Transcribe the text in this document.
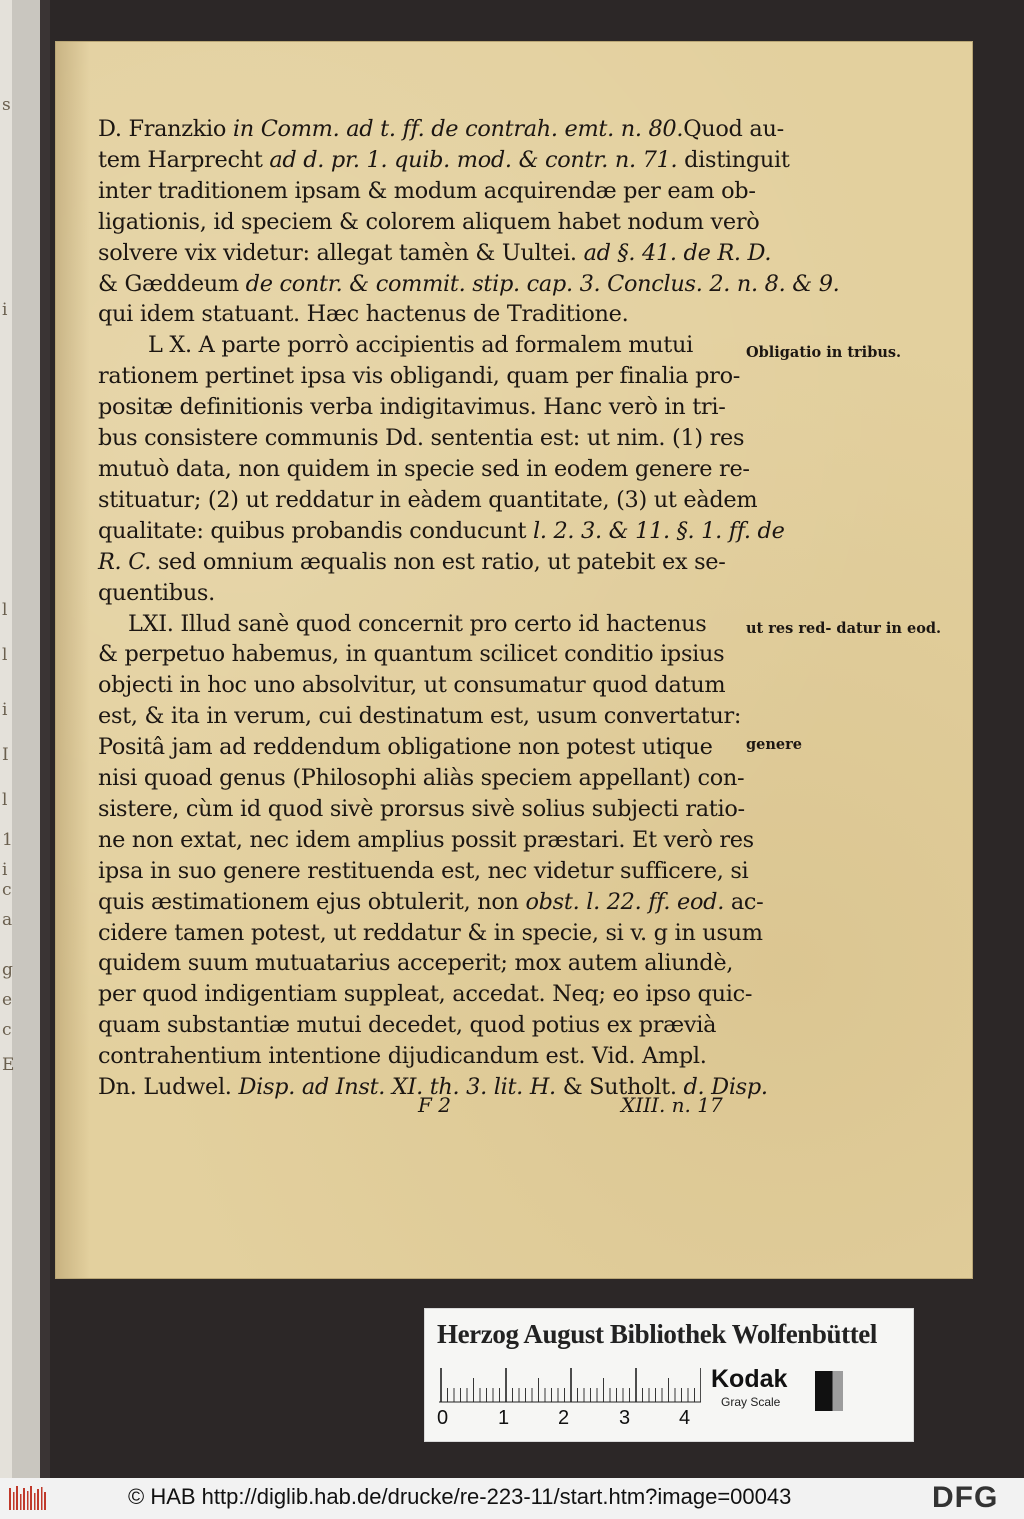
s
i
l
l
i
I
l
1
i
c
a
g
e
c
E
D. Franzkio in Comm. ad t. ff. de contrah. emt. n. 80.Quod au-
tem Harprecht ad d. pr. 1. quib. mod. & contr. n. 71. distinguit
inter traditionem ipsam & modum acquirendæ per eam ob-
ligationis, id speciem & colorem aliquem habet nodum verò
solvere vix videtur: allegat tamèn & Uultei. ad §. 41. de R. D.
& Gæddeum de contr. & commit. stip. cap. 3. Conclus. 2. n. 8. & 9.
qui idem statuant. Hæc hactenus de Traditione.
L X. A parte porrò accipientis ad formalem mutui
rationem pertinet ipsa vis obligandi, quam per finalia pro-
positæ definitionis verba indigitavimus. Hanc verò in tri-
bus consistere communis Dd. sententia est: ut nim. (1) res
mutuò data, non quidem in specie sed in eodem genere re-
stituatur; (2) ut reddatur in eàdem quantitate, (3) ut eàdem
qualitate: quibus probandis conducunt l. 2. 3. & 11. §. 1. ff. de
R. C. sed omnium æqualis non est ratio, ut patebit ex se-
quentibus.
LXI. Illud sanè quod concernit pro certo id hactenus
& perpetuo habemus, in quantum scilicet conditio ipsius
objecti in hoc uno absolvitur, ut consumatur quod datum
est, & ita in verum, cui destinatum est, usum convertatur:
Positâ jam ad reddendum obligatione non potest utique
nisi quoad genus (Philosophi aliàs speciem appellant) con-
sistere, cùm id quod sivè prorsus sivè solius subjecti ratio-
ne non extat, nec idem amplius possit præstari. Et verò res
ipsa in suo genere restituenda est, nec videtur sufficere, si
quis æstimationem ejus obtulerit, non obst. l. 22. ff. eod. ac-
cidere tamen potest, ut reddatur & in specie, si v. g in usum
quidem suum mutuatarius acceperit; mox autem aliundè,
per quod indigentiam suppleat, accedat. Neq; eo ipso quic-
quam substantiæ mutui decedet, quod potius ex prævià
contrahentium intentione dijudicandum est. Vid. Ampl.
Dn. Ludwel. Disp. ad Inst. XI. th. 3. lit. H. & Sutholt. d. Disp.
Obligatio in tribus.
ut res red- datur in eod.
genere
F 2	XIII. n. 17
Herzog August Bibliothek Wolfenbüttel
0 1 2 3 4
Kodak
Gray Scale
© HAB http://diglib.hab.de/drucke/re-223-11/start.htm?image=00043	DFG
